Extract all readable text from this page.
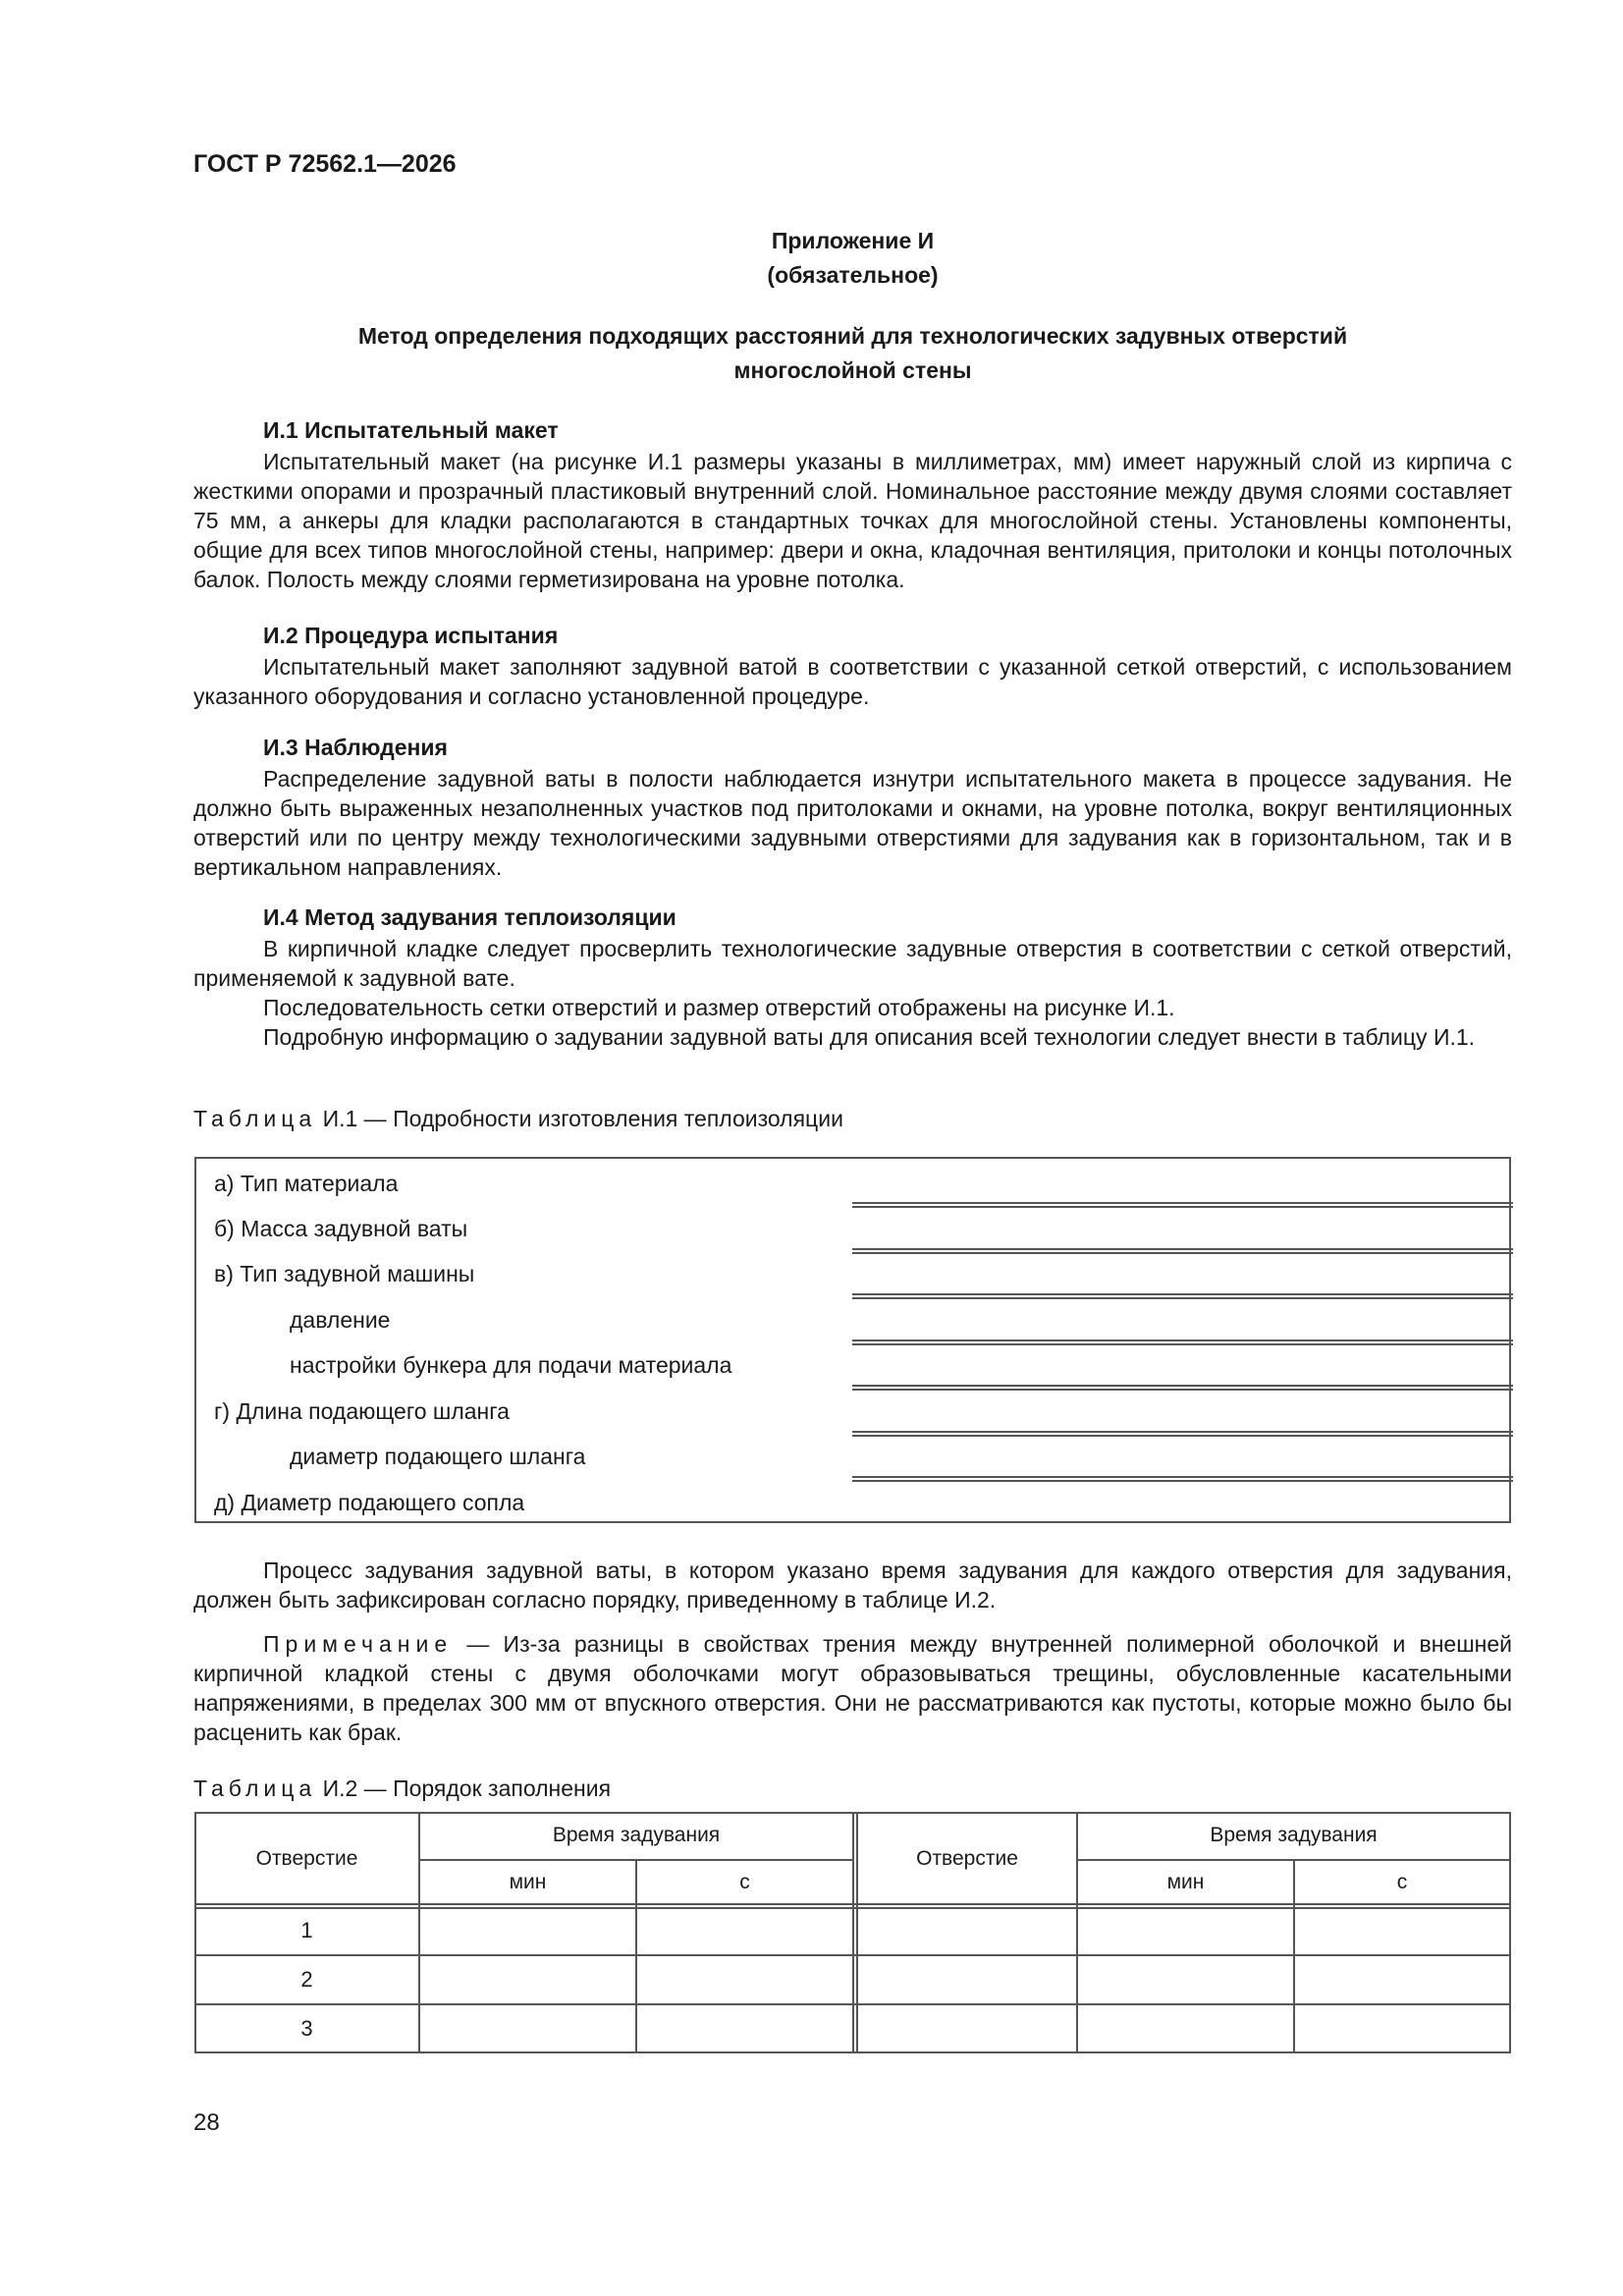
ГОСТ Р 72562.1—2026
Приложение И
(обязательное)
Метод определения подходящих расстояний для технологических задувных отверстий
многослойной стены
И.1 Испытательный макет
Испытательный макет (на рисунке И.1 размеры указаны в миллиметрах, мм) имеет наружный слой из кирпича с жесткими опорами и прозрачный пластиковый внутренний слой. Номинальное расстояние между двумя слоями составляет 75 мм, а анкеры для кладки располагаются в стандартных точках для многослойной стены. Установлены компоненты, общие для всех типов многослойной стены, например: двери и окна, кладочная вентиляция, притолоки и концы потолочных балок. Полость между слоями герметизирована на уровне потолка.
И.2 Процедура испытания
Испытательный макет заполняют задувной ватой в соответствии с указанной сеткой отверстий, с использованием указанного оборудования и согласно установленной процедуре.
И.3 Наблюдения
Распределение задувной ваты в полости наблюдается изнутри испытательного макета в процессе задувания. Не должно быть выраженных незаполненных участков под притолоками и окнами, на уровне потолка, вокруг вентиляционных отверстий или по центру между технологическими задувными отверстиями для задувания как в горизонтальном, так и в вертикальном направлениях.
И.4 Метод задувания теплоизоляции
В кирпичной кладке следует просверлить технологические задувные отверстия в соответствии с сеткой отверстий, применяемой к задувной вате.
Последовательность сетки отверстий и размер отверстий отображены на рисунке И.1.
Подробную информацию о задувании задувной ваты для описания всей технологии следует внести в таблицу И.1.
Таблица И.1 — Подробности изготовления теплоизоляции
а) Тип материала
б) Масса задувной ваты
в) Тип задувной машины
давление
настройки бункера для подачи материала
г) Длина подающего шланга
диаметр подающего шланга
д) Диаметр подающего сопла
Процесс задувания задувной ваты, в котором указано время задувания для каждого отверстия для задувания, должен быть зафиксирован согласно порядку, приведенному в таблице И.2.
Примечание — Из-за разницы в свойствах трения между внутренней полимерной оболочкой и внешней кирпичной кладкой стены с двумя оболочками могут образовываться трещины, обусловленные касательными напряжениями, в пределах 300 мм от впускного отверстия. Они не рассматриваются как пустоты, которые можно было бы расценить как брак.
Таблица И.2 — Порядок заполнения
Отверстие
Время задувания
мин	с
Отверстие
Время задувания
мин	с
1
2
3
28
